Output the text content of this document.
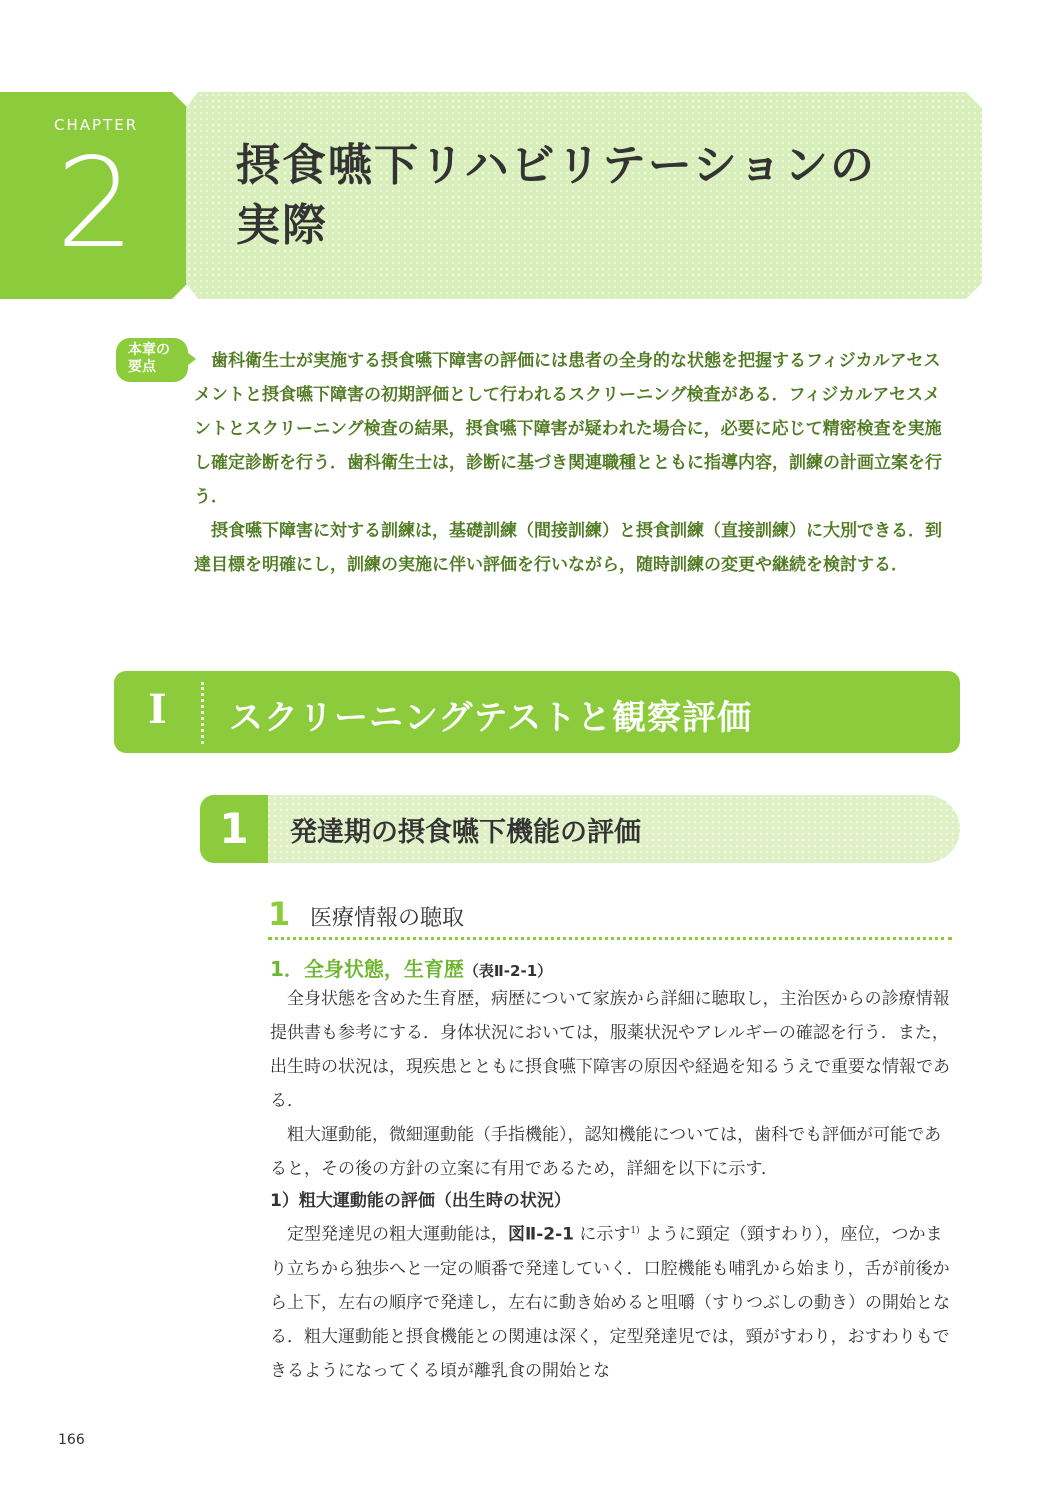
CHAPTER
2 摂食嚥下リハビリテーションの
実際
本章の
要点	歯科衛生士が実施する摂食嚥下障害の評価には患者の全身的な状態を把握するフィジカルアセスメントと摂食嚥下障害の初期評価として行われるスクリーニング検査がある．フィジカルアセスメントとスクリーニング検査の結果，摂食嚥下障害が疑われた場合に，必要に応じて精密検査を実施し確定診断を行う．歯科衛生士は，診断に基づき関連職種とともに指導内容，訓練の計画立案を行う．

摂食嚥下障害に対する訓練は，基礎訓練（間接訓練）と摂食訓練（直接訓練）に大別できる．到達目標を明確にし，訓練の実施に伴い評価を行いながら，随時訓練の変更や継続を検討する．

I スクリーニングテストと観察評価
1	発達期の摂食嚥下機能の評価
1 医療情報の聴取
1．全身状態，生育歴（表Ⅱ-2-1）

全身状態を含めた生育歴，病歴について家族から詳細に聴取し，主治医からの診療情報提供書も参考にする．身体状況においては，服薬状況やアレルギーの確認を行う．また，出生時の状況は，現疾患とともに摂食嚥下障害の原因や経過を知るうえで重要な情報である．

粗大運動能，微細運動能（手指機能），認知機能については，歯科でも評価が可能であると，その後の方針の立案に有用であるため，詳細を以下に示す．

1）粗大運動能の評価（出生時の状況）

定型発達児の粗大運動能は，図Ⅱ-2-1 に示す$^{1)}$ ように頸定（頸すわり），座位，つかまり立ちから独歩へと一定の順番で発達していく．口腔機能も哺乳から始まり，舌が前後から上下，左右の順序で発達し，左右に動き始めると咀嚼（すりつぶしの動き）の開始となる．粗大運動能と摂食機能との関連は深く，定型発達児では，頸がすわり，おすわりもできるようになってくる頃が離乳食の開始とな

166
